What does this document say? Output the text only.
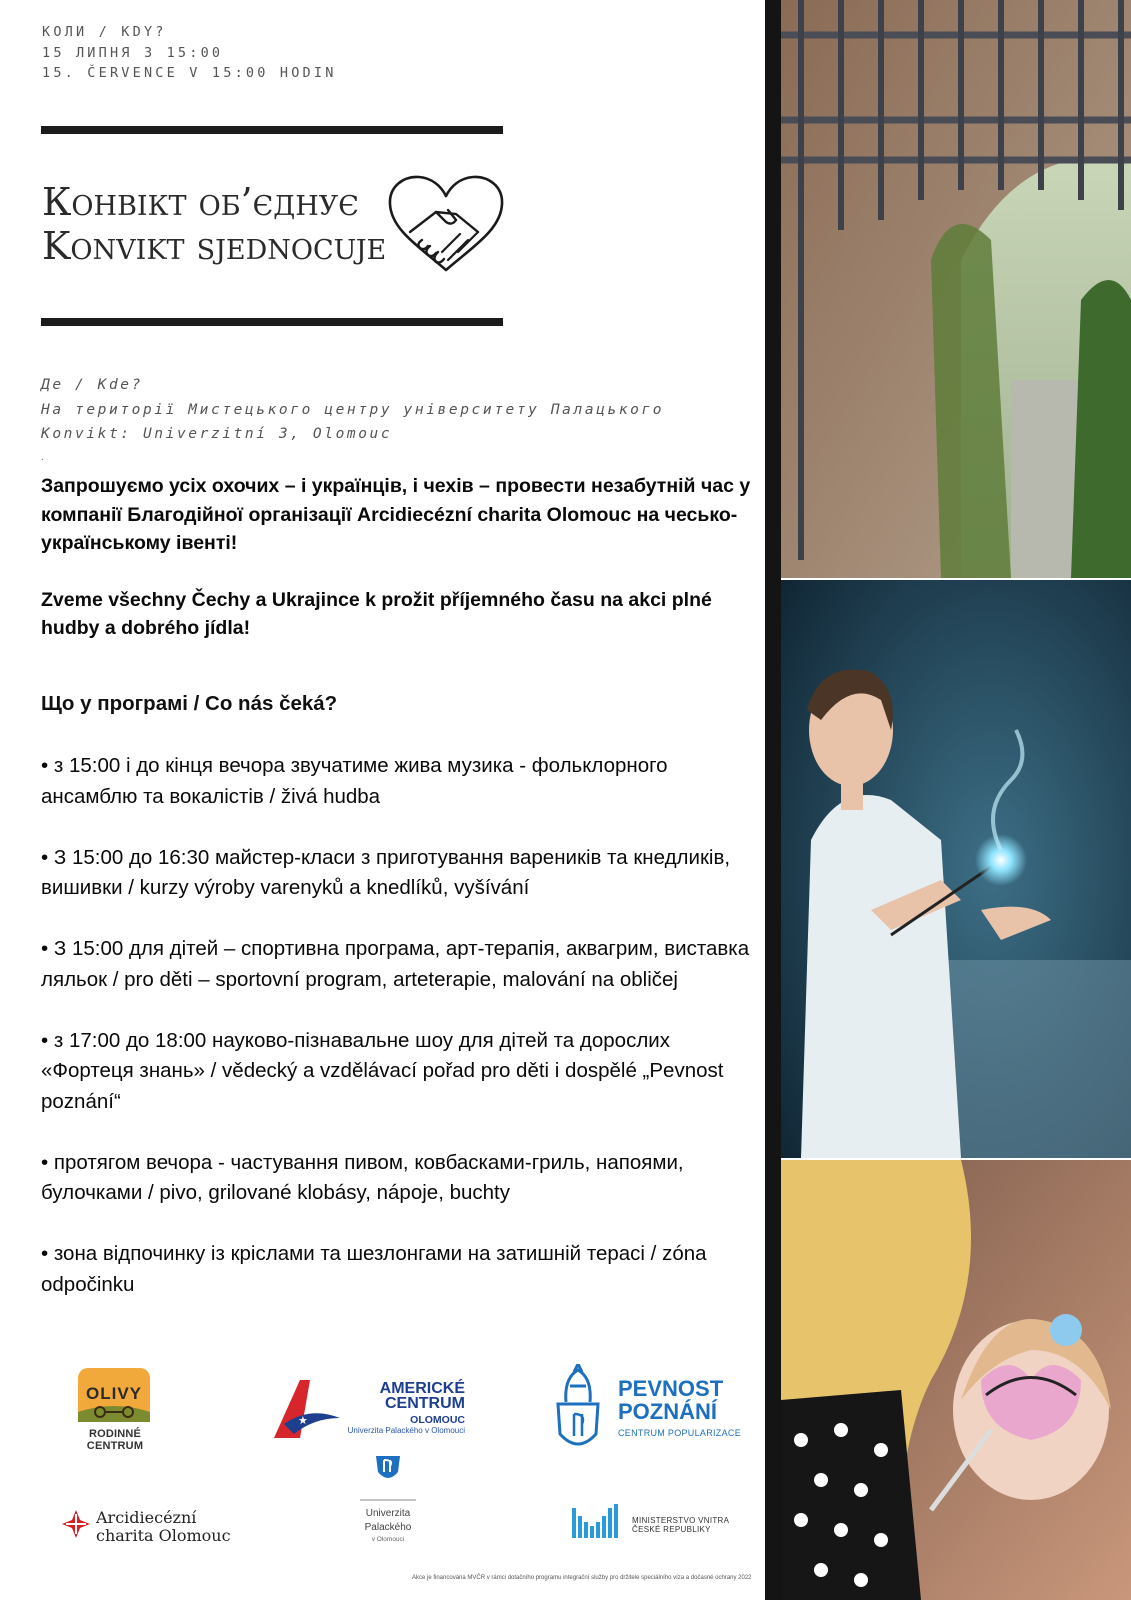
КОЛИ / KDY?
15 ЛИПНЯ З 15:00
15. ČERVENCE V 15:00 HODIN
Конвікт об’єднує
Konvikt sjednocuje
Де / Kde?
На території Мистецького центру університету Палацького
Konvikt: Univerzitní 3, Olomouc
.

Запрошуємо усіх охочих – і українців, і чехів – провести незабутній час у компанії Благодійної організації Arcidiecézní charita Olomouc на чесько-українському івенті!

Zveme všechny Čechy a Ukrajince k prožit příjemného času na akci plné hudby a dobrého jídla!

Що у програмі / Co nás čeká?
• з 15:00 і до кінця вечора звучатиме жива музика - фольклорного ансамблю та вокалістів / živá hudba
• З 15:00 до 16:30 майстер-класи з приготування вареників та кнедликів, вишивки / kurzy výroby varenyků a knedlíků, vyšívání
• З 15:00 для дітей – спортивна програма, арт-терапія, аквагрим, виставка ляльок / pro děti – sportovní program, arteterapie, malování na obličej
• з 17:00 до 18:00 науково-пізнавальне шоу для дітей та дорослих «Фортеця знань» / vědecký a vzdělávací pořad pro děti i dospělé „Pevnost poznání“
• протягом вечора - частування пивом, ковбасками-гриль, напоями, булочками / pivo, grilované klobásy, nápoje, buchty
• зона відпочинку із кріслами та шезлонгами на затишній терасі / zóna odpočinku
OLIVY
RODINNÉ CENTRUM
★
AMERICKÉ
CENTRUM
OLOMOUC
Univerzita Palackého v Olomouci
PEVNOST
POZNÁNÍ
CENTRUM POPULARIZACE
Arcidiecézní
charita Olomouc
Univerzita
Palackého
v Olomouci
MINISTERSTVO VNITRA
ČESKÉ REPUBLIKY
Akce je financována MVČR v rámci dotačního programu integrační služby pro držitele speciálního víza a dočasné ochrany 2022
